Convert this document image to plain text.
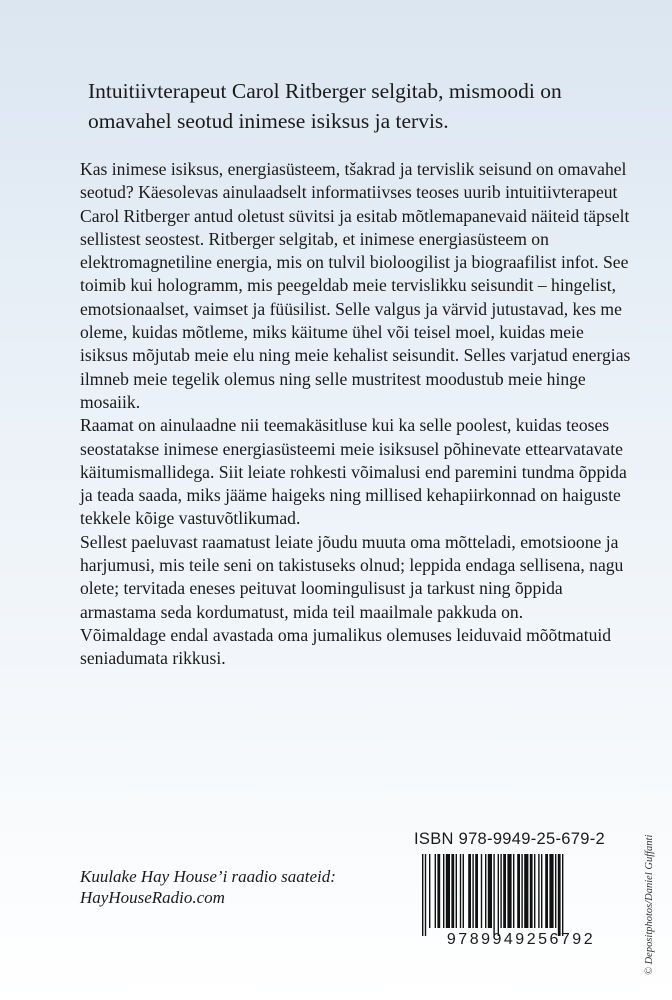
Intuitiivterapeut Carol Ritberger selgitab, mismoodi on omavahel seotud inimese isiksus ja tervis.

Kas inimese isiksus, energiasüsteem, tšakrad ja tervislik seisund on omavahel seotud? Käesolevas ainulaadselt informatiivses teoses uurib intuitiivterapeut Carol Ritberger antud oletust süvitsi ja esitab mõtlemapanevaid näiteid täpselt sellistest seostest. Ritberger selgitab, et inimese energiasüsteem on elektromagnetiline energia, mis on tulvil bioloogilist ja biograafilist infot. See toimib kui hologramm, mis peegeldab meie tervislikku seisundit – hingelist, emotsionaalset, vaimset ja füüsilist. Selle valgus ja värvid jutustavad, kes me oleme, kuidas mõtleme, miks käitume ühel või teisel moel, kuidas meie isiksus mõjutab meie elu ning meie kehalist seisundit. Selles varjatud energias ilmneb meie tegelik olemus ning selle mustritest moodustub meie hinge mosaiik.

Raamat on ainulaadne nii teemakäsitluse kui ka selle poolest, kuidas teoses seostatakse inimese energiasüsteemi meie isiksusel põhinevate ettearvatavate käitumismallidega. Siit leiate rohkesti võimalusi end paremini tundma õppida ja teada saada, miks jääme haigeks ning millised kehapiirkonnad on haiguste tekkele kõige vastuvõtlikumad.

Sellest paeluvast raamatust leiate jõudu muuta oma mõtteladi, emotsioone ja harjumusi, mis teile seni on takistuseks olnud; leppida endaga sellisena, nagu olete; tervitada eneses peituvat loomingulisust ja tarkust ning õppida armastama seda kordumatust, mida teil maailmale pakkuda on.

Võimaldage endal avastada oma jumalikus olemuses leiduvaid mõõtmatuid seniadumata rikkusi.

Kuulake Hay House’i raadio saateid:
HayHouseRadio.com
ISBN 978-9949-25-679-2
9789949256792	© Depositphotos/Daniel Guffanti
